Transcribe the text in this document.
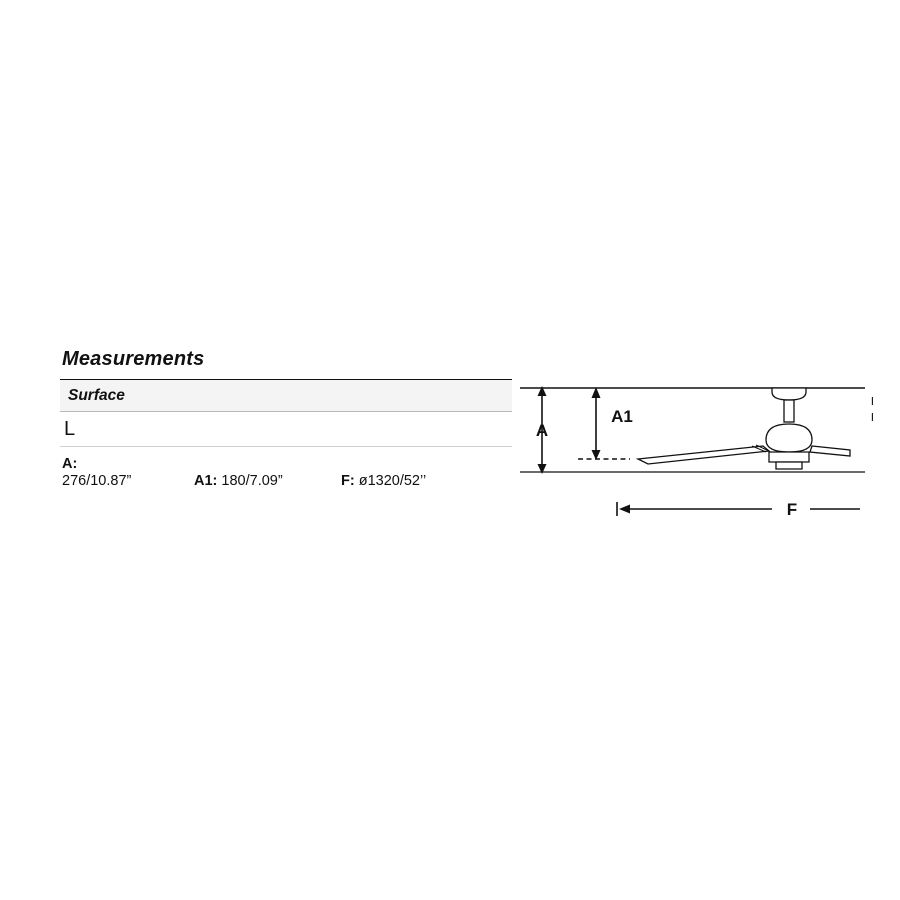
Measurements
Surface
L
A:
276/10.87”	A1: 180/7.09”	F: ø1320/52’’
A
A1
F
